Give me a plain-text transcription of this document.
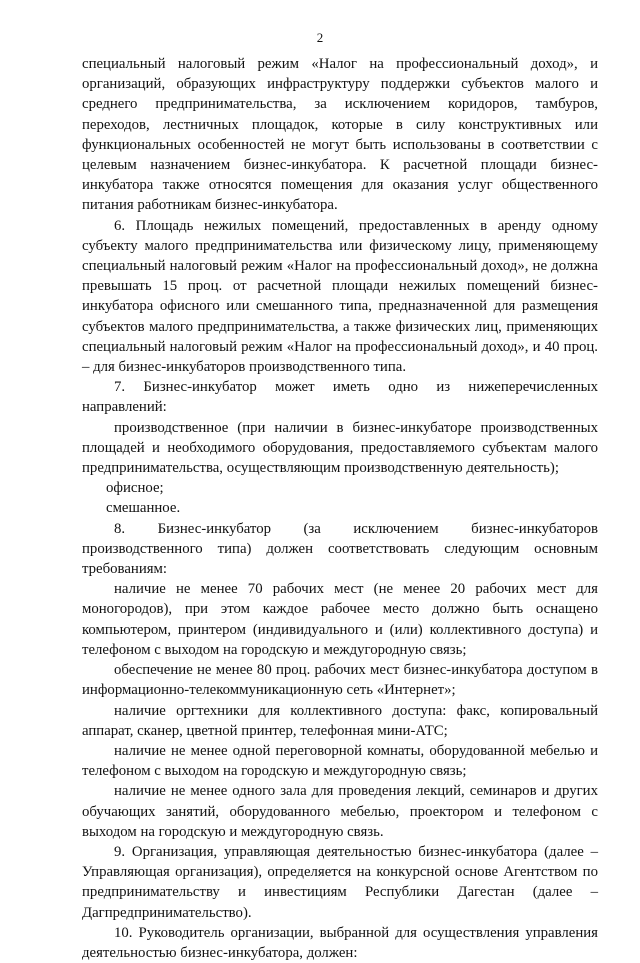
2

специальный налоговый режим «Налог на профессиональный доход», и организаций, образующих инфраструктуру поддержки субъектов малого и среднего предпринимательства, за исключением коридоров, тамбуров, переходов, лестничных площадок, которые в силу конструктивных или функциональных особенностей не могут быть использованы в соответствии с целевым назначением бизнес-инкубатора. К расчетной площади бизнес-инкубатора также относятся помещения для оказания услуг общественного питания работникам бизнес-инкубатора.

6. Площадь нежилых помещений, предоставленных в аренду одному субъекту малого предпринимательства или физическому лицу, применяющему специальный налоговый режим «Налог на профессиональный доход», не должна превышать 15 проц. от расчетной площади нежилых помещений бизнес-инкубатора офисного или смешанного типа, предназначенной для размещения субъектов малого предпринимательства, а также физических лиц, применяющих специальный налоговый режим «Налог на профессиональный доход», и 40 проц. – для бизнес-инкубаторов производственного типа.

7. Бизнес-инкубатор может иметь одно из нижеперечисленных направлений:

производственное (при наличии в бизнес-инкубаторе производственных площадей и необходимого оборудования, предоставляемого субъектам малого предпринимательства, осуществляющим производственную деятельность);

офисное;

смешанное.

8. Бизнес-инкубатор (за исключением бизнес-инкубаторов производственного типа) должен соответствовать следующим основным требованиям:

наличие не менее 70 рабочих мест (не менее 20 рабочих мест для моногородов), при этом каждое рабочее место должно быть оснащено компьютером, принтером (индивидуального и (или) коллективного доступа) и телефоном с выходом на городскую и междугородную связь;

обеспечение не менее 80 проц. рабочих мест бизнес-инкубатора доступом в информационно-телекоммуникационную сеть «Интернет»;

наличие оргтехники для коллективного доступа: факс, копировальный аппарат, сканер, цветной принтер, телефонная мини-АТС;

наличие не менее одной переговорной комнаты, оборудованной мебелью и телефоном с выходом на городскую и междугородную связь;

наличие не менее одного зала для проведения лекций, семинаров и других обучающих занятий, оборудованного мебелью, проектором и телефоном с выходом на городскую и междугородную связь.

9. Организация, управляющая деятельностью бизнес-инкубатора (далее – Управляющая организация), определяется на конкурсной основе Агентством по предпринимательству и инвестициям Республики Дагестан (далее – Дагпредпринимательство).

10. Руководитель организации, выбранной для осуществления управления деятельностью бизнес-инкубатора, должен:
